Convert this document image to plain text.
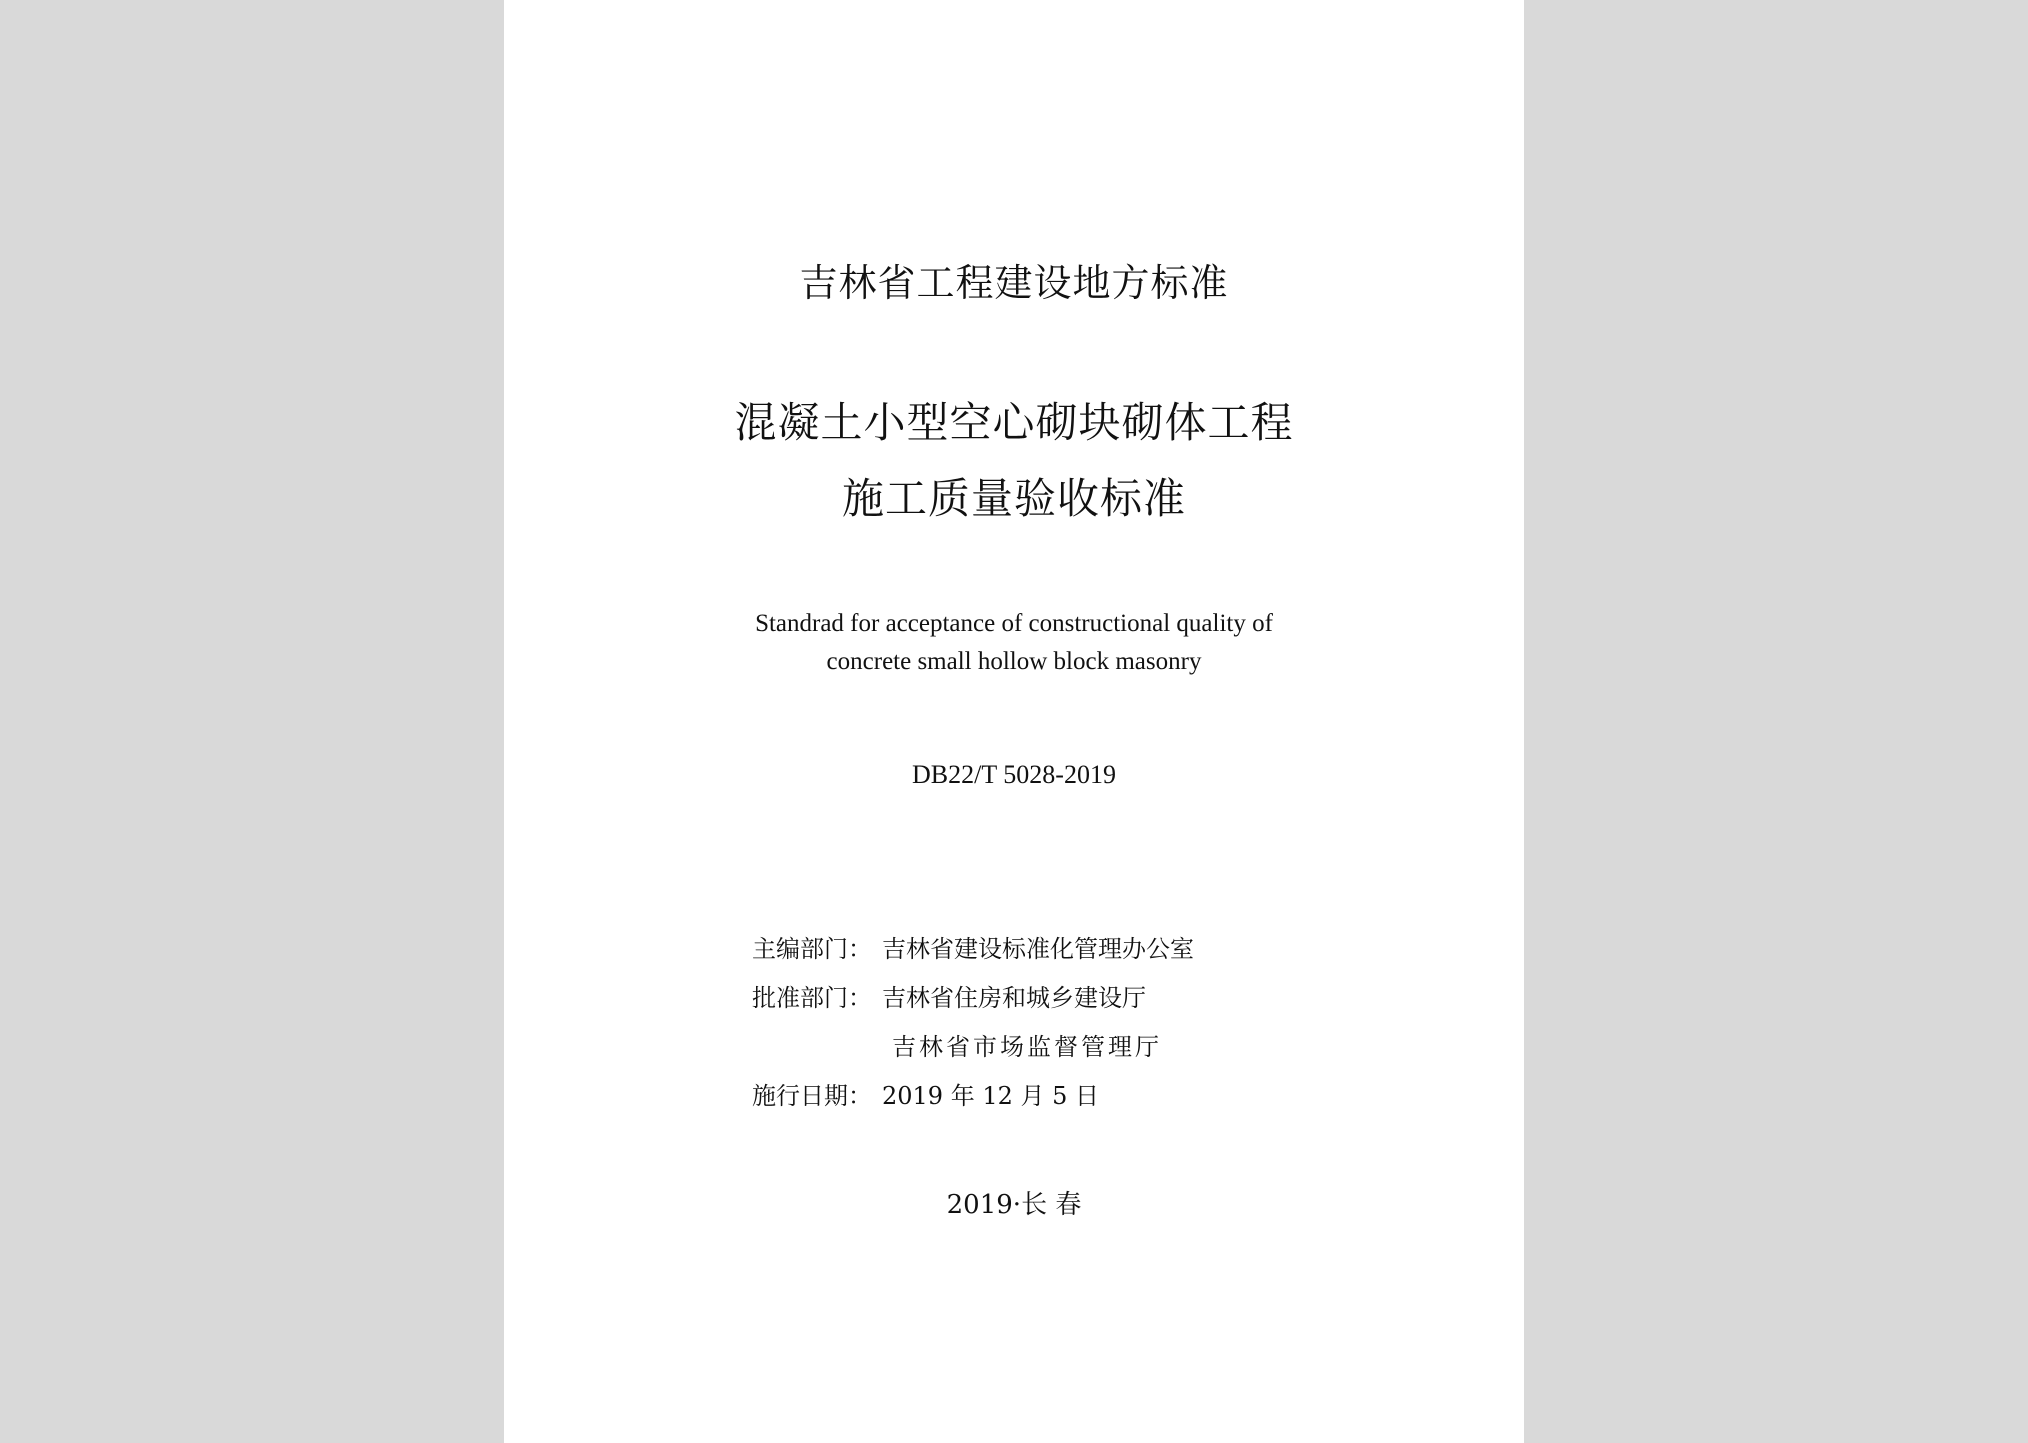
吉林省工程建设地方标准
混凝土小型空心砌块砌体工程
施工质量验收标准
Standrad for acceptance of constructional quality of
concrete small hollow block masonry
DB22/T 5028-2019
主编部门： 吉林省建设标准化管理办公室
批准部门： 吉林省住房和城乡建设厅
吉林省市场监督管理厅
施行日期： 2019 年 12 月 5 日
2019·长 春
